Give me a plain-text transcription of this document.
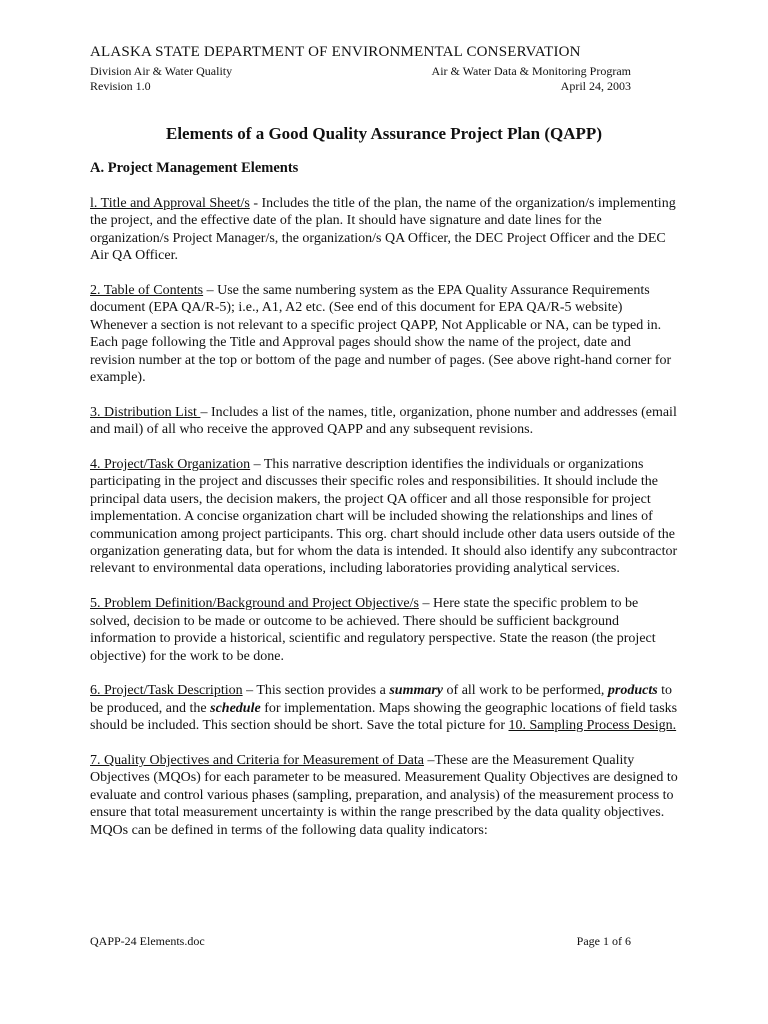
ALASKA STATE DEPARTMENT OF ENVIRONMENTAL CONSERVATION
Division Air & Water Quality	Air & Water Data & Monitoring Program
Revision 1.0	April 24, 2003
Elements of a Good Quality Assurance Project Plan (QAPP)
A. Project Management Elements

l. Title and Approval Sheet/s - Includes the title of the plan, the name of the organization/s implementing the project, and the effective date of the plan. It should have signature and date lines for the organization/s Project Manager/s, the organization/s QA Officer, the DEC Project Officer and the DEC Air QA Officer.

2. Table of Contents – Use the same numbering system as the EPA Quality Assurance Requirements document (EPA QA/R-5); i.e., A1, A2 etc. (See end of this document for EPA QA/R-5 website) Whenever a section is not relevant to a specific project QAPP, Not Applicable or NA, can be typed in. Each page following the Title and Approval pages should show the name of the project, date and revision number at the top or bottom of the page and number of pages. (See above right-hand corner for example).

3. Distribution List – Includes a list of the names, title, organization, phone number and addresses (email and mail) of all who receive the approved QAPP and any subsequent revisions.

4. Project/Task Organization – This narrative description identifies the individuals or organizations participating in the project and discusses their specific roles and responsibilities. It should include the principal data users, the decision makers, the project QA officer and all those responsible for project implementation. A concise organization chart will be included showing the relationships and lines of communication among project participants. This org. chart should include other data users outside of the organization generating data, but for whom the data is intended. It should also identify any subcontractor relevant to environmental data operations, including laboratories providing analytical services.

5. Problem Definition/Background and Project Objective/s – Here state the specific problem to be solved, decision to be made or outcome to be achieved. There should be sufficient background information to provide a historical, scientific and regulatory perspective. State the reason (the project objective) for the work to be done.

6. Project/Task Description – This section provides a summary of all work to be performed, products to be produced, and the schedule for implementation. Maps showing the geographic locations of field tasks should be included. This section should be short. Save the total picture for 10. Sampling Process Design.

7. Quality Objectives and Criteria for Measurement of Data –These are the Measurement Quality Objectives (MQOs) for each parameter to be measured. Measurement Quality Objectives are designed to evaluate and control various phases (sampling, preparation, and analysis) of the measurement process to ensure that total measurement uncertainty is within the range prescribed by the data quality objectives. MQOs can be defined in terms of the following data quality indicators:

QAPP-24 Elements.doc	Page 1 of 6
